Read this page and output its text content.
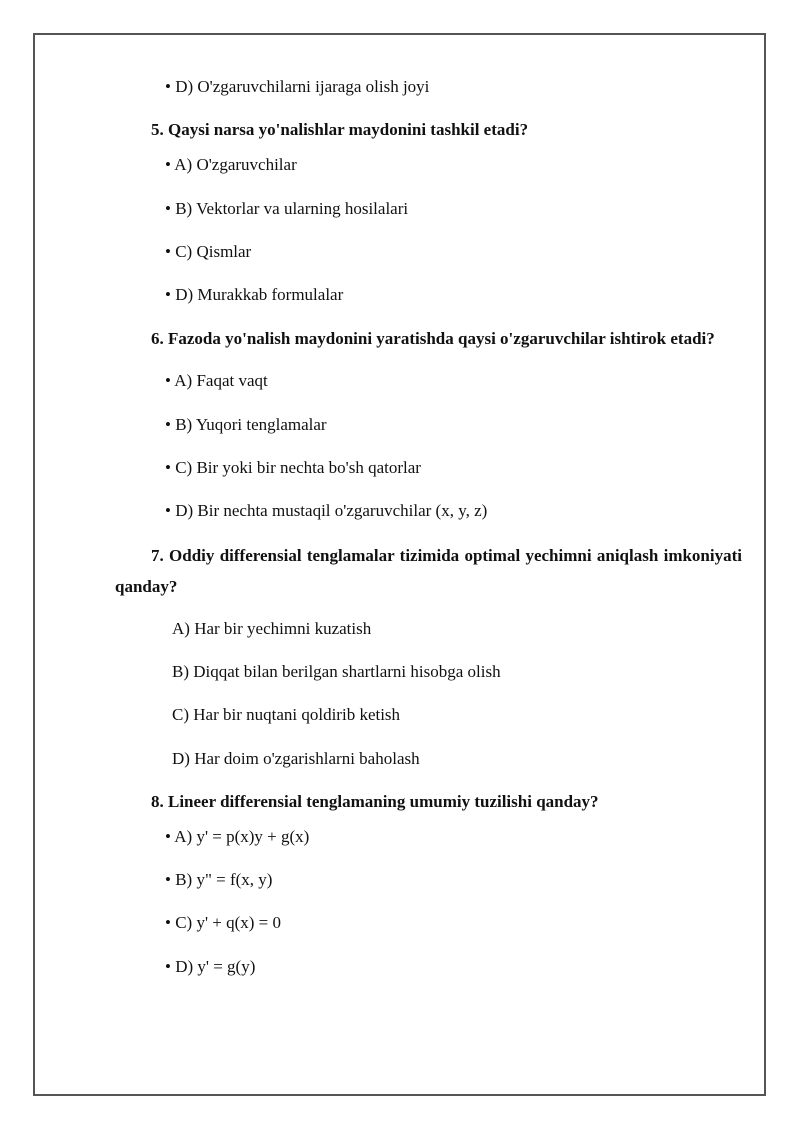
• D) O'zgaruvchilarni ijaraga olish joyi
5. Qaysi narsa yo'nalishlar maydonini tashkil etadi?
• A) O'zgaruvchilar
• B) Vektorlar va ularning hosilalari
• C) Qismlar
• D) Murakkab formulalar
6. Fazoda yo'nalish maydonini yaratishda qaysi o'zgaruvchilar ishtirok etadi?
• A) Faqat vaqt
• B) Yuqori tenglamalar
• C) Bir yoki bir nechta bo'sh qatorlar
• D) Bir nechta mustaqil o'zgaruvchilar (x, y, z)
7. Oddiy differensial tenglamalar tizimida optimal yechimni aniqlash imkoniyati qanday?
A) Har bir yechimni kuzatish
B) Diqqat bilan berilgan shartlarni hisobga olish
C) Har bir nuqtani qoldirib ketish
D) Har doim o'zgarishlarni baholash
8. Lineer differensial tenglamaning umumiy tuzilishi qanday?
• A) y' = p(x)y + g(x)
• B) y" = f(x, y)
• C) y' + q(x) = 0
• D) y' = g(y)
